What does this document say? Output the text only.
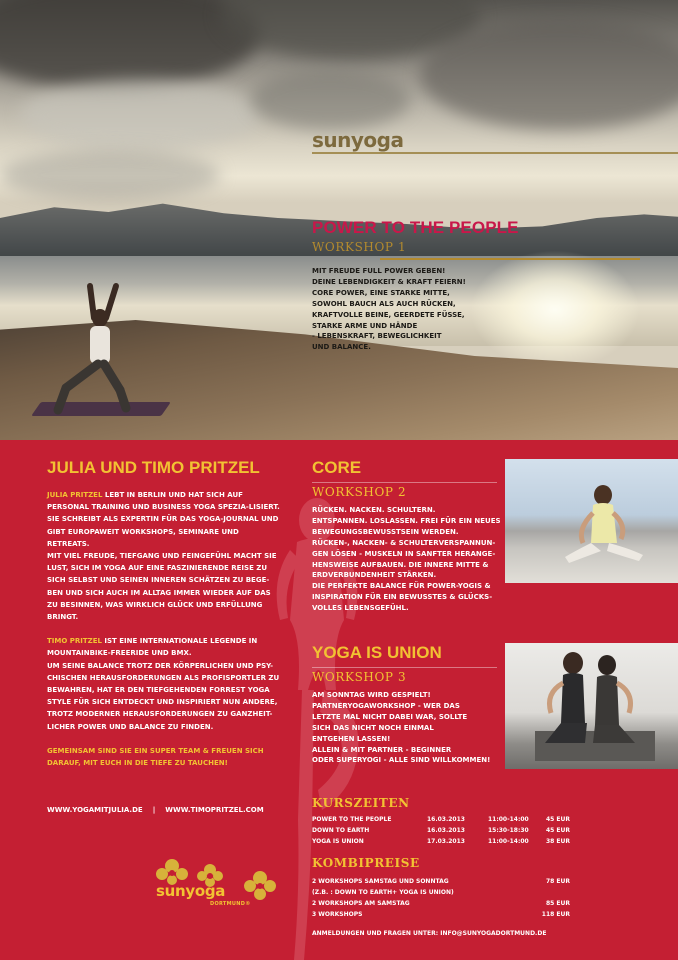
sunyoga
POWER TO THE PEOPLE
WORKSHOP 1
MIT FREUDE FULL POWER GEBEN!
DEINE LEBENDIGKEIT & KRAFT FEIERN!
CORE POWER, EINE STARKE MITTE,
SOWOHL BAUCH ALS AUCH RÜCKEN,
KRAFTVOLLE BEINE, GEERDETE FÜSSE,
STARKE ARME UND HÄNDE
- LEBENSKRAFT, BEWEGLICHKEIT
UND BALANCE.
JULIA UND TIMO PRITZEL

JULIA PRITZEL LEBT IN BERLIN UND HAT SICH AUF PERSONAL TRAINING UND BUSINESS YOGA SPEZIA-LISIERT.
SIE SCHREIBT ALS EXPERTIN FÜR DAS YOGA-JOURNAL UND GIBT EUROPAWEIT WORKSHOPS, SEMINARE UND RETREATS.
MIT VIEL FREUDE, TIEFGANG UND FEINGEFÜHL MACHT SIE LUST, SICH IM YOGA AUF EINE FASZINIERENDE REISE ZU SICH SELBST UND SEINEN INNEREN SCHÄTZEN ZU BEGE-BEN UND SICH AUCH IM ALLTAG IMMER WIEDER AUF DAS ZU BESINNEN, WAS WIRKLICH GLÜCK UND ERFÜLLUNG BRINGT.

TIMO PRITZEL IST EINE INTERNATIONALE LEGENDE IN MOUNTAINBIKE-FREERIDE UND BMX.
UM SEINE BALANCE TROTZ DER KÖRPERLICHEN UND PSY-CHISCHEN HERAUSFORDERUNGEN ALS PROFISPORTLER ZU BEWAHREN, HAT ER DEN TIEFGEHENDEN FORREST YOGA STYLE FÜR SICH ENTDECKT UND INSPIRIERT NUN ANDERE, TROTZ MODERNER HERAUSFORDERUNGEN ZU GANZHEIT-LICHER POWER UND BALANCE ZU FINDEN.

GEMEINSAM SIND SIE EIN SUPER TEAM & FREUEN SICH DARAUF, MIT EUCH IN DIE TIEFE ZU TAUCHEN!

WWW.YOGAMITJULIA.DE | WWW.TIMOPRITZEL.COM
sunyoga
DORTMUND®
CORE
WORKSHOP 2
RÜCKEN. NACKEN. SCHULTERN.
ENTSPANNEN. LOSLASSEN. FREI FÜR EIN NEUES
BEWEGUNGSBEWUSSTSEIN WERDEN.
RÜCKEN-, NACKEN- & SCHULTERVERSPANNUN-
GEN LÖSEN - MUSKELN IN SANFTER HERANGE-
HENSWEISE AUFBAUEN. DIE INNERE MITTE &
ERDVERBUNDENHEIT STÄRKEN.
DIE PERFEKTE BALANCE FÜR POWER-YOGIS &
INSPIRATION FÜR EIN BEWUSSTES & GLÜCKS-
VOLLES LEBENSGEFÜHL.
YOGA IS UNION
WORKSHOP 3
AM SONNTAG WIRD GESPIELT!
PARTNERYOGAWORKSHOP - WER DAS
LETZTE MAL NICHT DABEI WAR, SOLLTE
SICH DAS NICHT NOCH EINMAL
ENTGEHEN LASSEN!
ALLEIN & MIT PARTNER - BEGINNER
ODER SUPERYOGI - ALLE SIND WILLKOMMEN!
KURSZEITEN
POWER TO THE PEOPLE	16.03.2013	11:00-14:00	45 EUR
DOWN TO EARTH	16.03.2013	15:30-18:30	45 EUR
YOGA IS UNION	17.03.2013	11:00-14:00	38 EUR
KOMBIPREISE
2 WORKSHOPS SAMSTAG UND SONNTAG	78 EUR
(Z.B. : DOWN TO EARTH+ YOGA IS UNION)
2 WORKSHOPS AM SAMSTAG	85 EUR
3 WORKSHOPS	118 EUR
ANMELDUNGEN UND FRAGEN UNTER: INFO@SUNYOGADORTMUND.DE
